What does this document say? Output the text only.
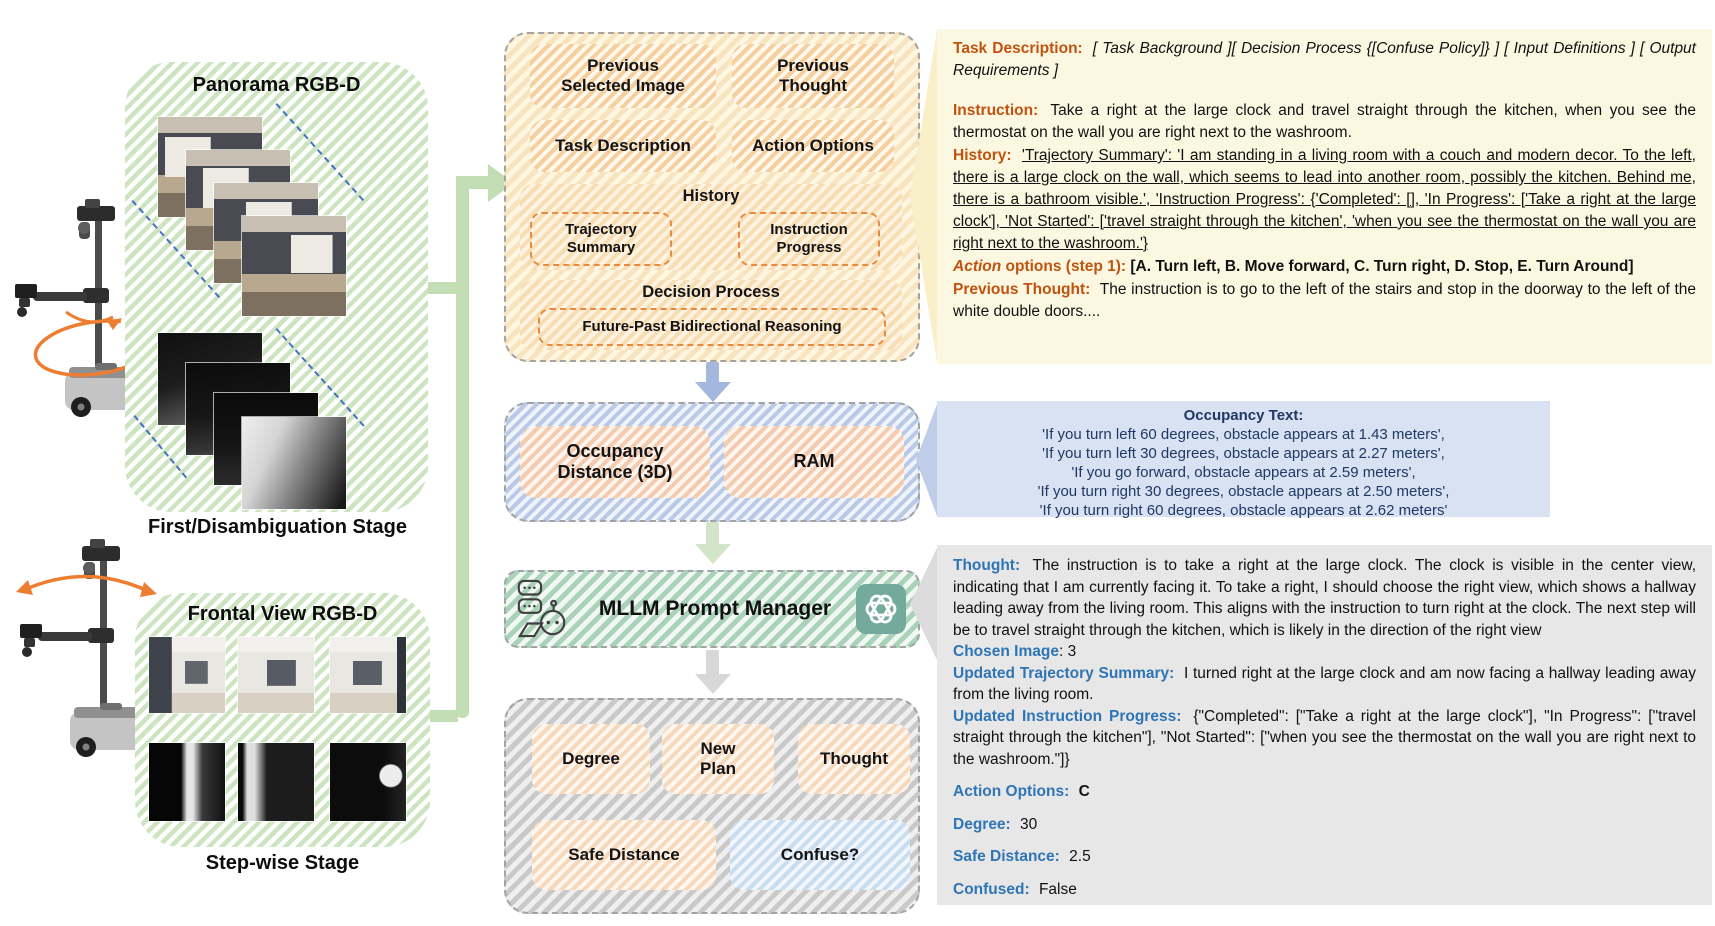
Panorama RGB-D
First/Disambiguation Stage
Frontal View RGB-D
Step-wise Stage
Previous Selected Image
Previous Thought
Task Description	Action Options
History
Trajectory Summary
Instruction Progress
Decision Process
Future-Past Bidirectional Reasoning
Occupancy Distance (3D)
RAM
MLLM Prompt Manager
Degree
New Plan
Thought
Safe Distance	Confuse?

Task Description: [ Task Background ][ Decision Process {[Confuse Policy]} ] [ Input Definitions ] [ Output Requirements ]

Instruction: Take a right at the large clock and travel straight through the kitchen, when you see the thermostat on the wall you are right next to the washroom.

History: 'Trajectory Summary': 'I am standing in a living room with a couch and modern decor. To the left, there is a large clock on the wall, which seems to lead into another room, possibly the kitchen. Behind me, there is a bathroom visible.', 'Instruction Progress': {'Completed': [], 'In Progress': ['Take a right at the large clock'], 'Not Started': ['travel straight through the kitchen', 'when you see the thermostat on the wall you are right next to the washroom.'}

Action options (step 1): [A. Turn left, B. Move forward, C. Turn right, D. Stop, E. Turn Around]

Previous Thought: The instruction is to go to the left of the stairs and stop in the doorway to the left of the white double doors....

Occupancy Text:
'If you turn left 60 degrees, obstacle appears at 1.43 meters',
'If you turn left 30 degrees, obstacle appears at 2.27 meters',
'If you go forward, obstacle appears at 2.59 meters',
'If you turn right 30 degrees, obstacle appears at 2.50 meters',
'If you turn right 60 degrees, obstacle appears at 2.62 meters'

Thought: The instruction is to take a right at the large clock. The clock is visible in the center view, indicating that I am currently facing it. To take a right, I should choose the right view, which shows a hallway leading away from the living room. This aligns with the instruction to turn right at the clock. The next step will be to travel straight through the kitchen, which is likely in the direction of the right view

Chosen Image: 3

Updated Trajectory Summary: I turned right at the large clock and am now facing a hallway leading away from the living room.

Updated Instruction Progress: {"Completed": ["Take a right at the large clock"], "In Progress": ["travel straight through the kitchen"], "Not Started": ["when you see the thermostat on the wall you are right next to the washroom."]}

Action Options: C

Degree: 30

Safe Distance: 2.5

Confused: False
